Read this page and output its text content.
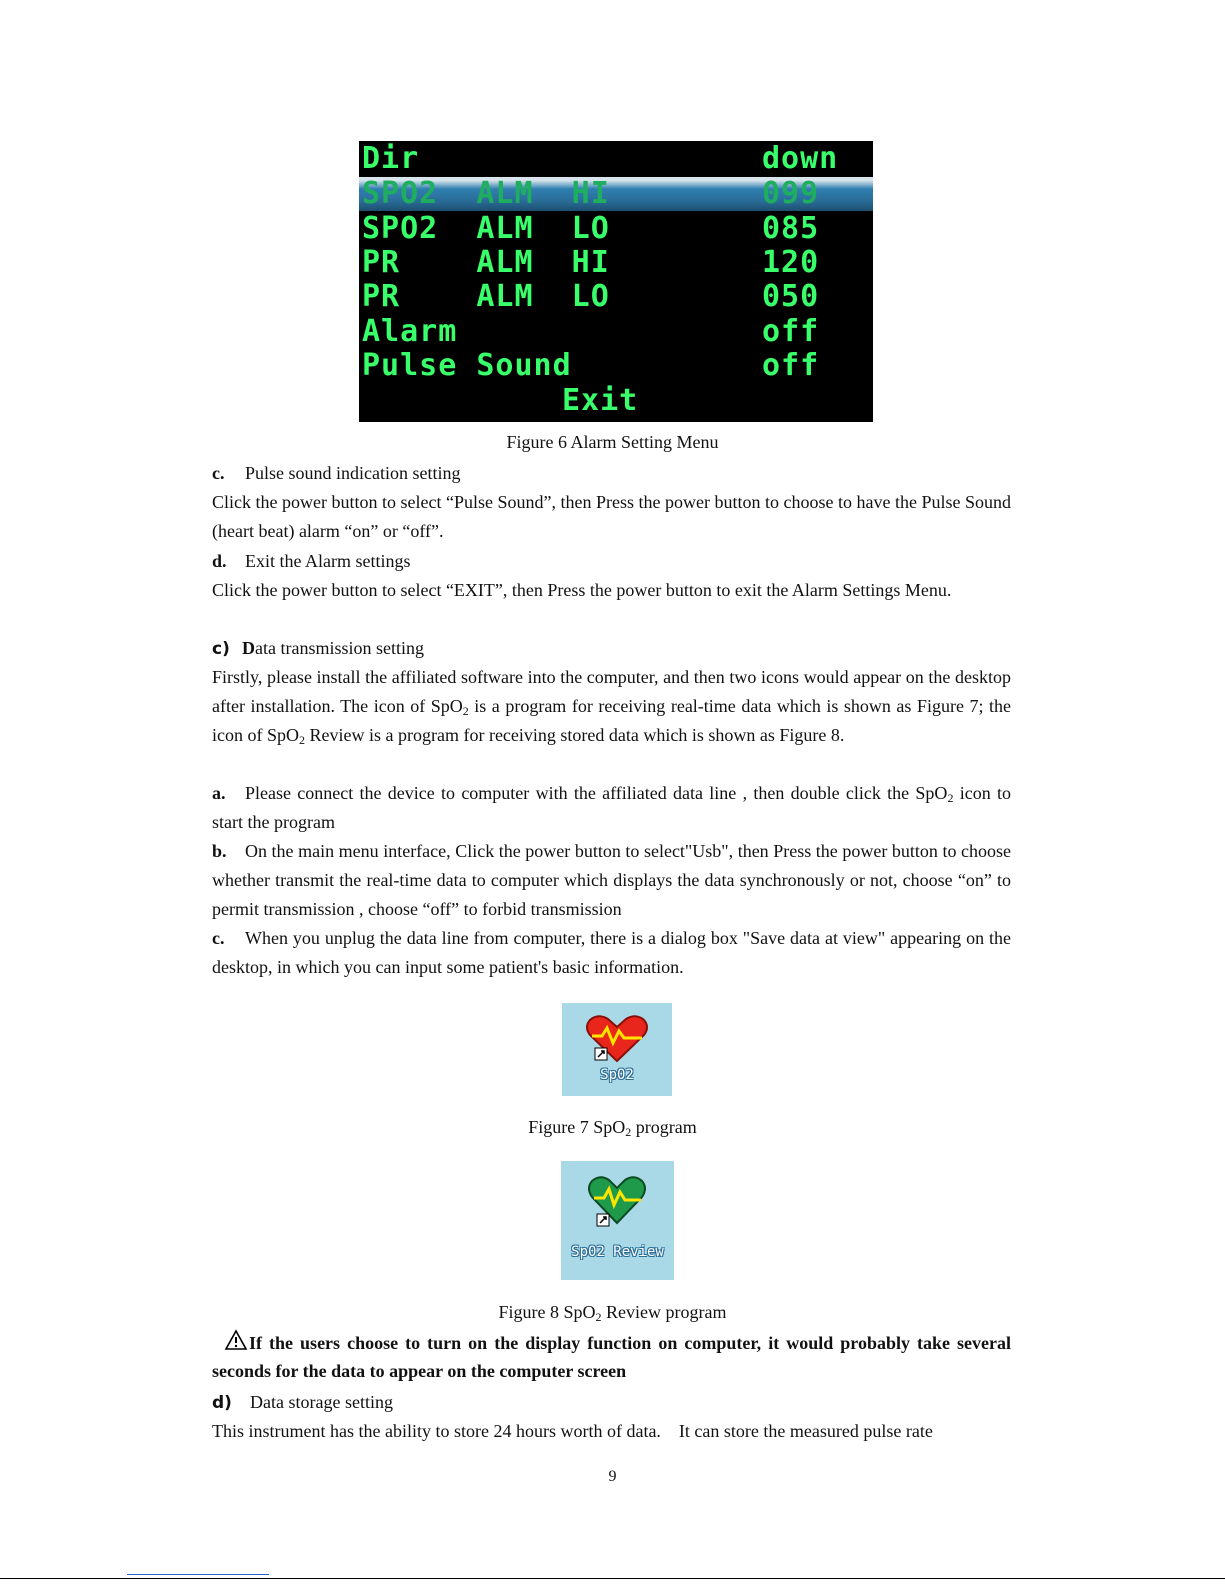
Dir	down
SPO2  ALM  HI	099
SPO2  ALM  LO	085
PR    ALM  HI	120
PR    ALM  LO	050
Alarm	off
Pulse Sound	off
Exit
Figure 6 Alarm Setting Menu
c. Pulse sound indication setting

Click the power button to select “Pulse Sound”, then Press the power button to choose to have the Pulse Sound (heart beat) alarm “on” or “off”.

d. Exit the Alarm settings

Click the power button to select “EXIT”, then Press the power button to exit the Alarm Settings Menu.

c) Data transmission setting

Firstly, please install the affiliated software into the computer, and then two icons would appear on the desktop after installation. The icon of SpO$_2$ is a program for receiving real-time data which is shown as Figure 7; the icon of SpO$_2$ Review is a program for receiving stored data which is shown as Figure 8.

a. Please connect the device to computer with the affiliated data line , then double click the SpO$_2$ icon to start the program

b. On the main menu interface, Click the power button to select"Usb", then Press the power button to choose whether transmit the real-time data to computer which displays the data synchronously or not, choose “on” to permit transmission , choose “off” to forbid transmission

c. When you unplug the data line from computer, there is a dialog box "Save data at view" appearing on the desktop, in which you can input some patient's basic information.

Sp02
Figure 7 SpO$_2$ program
Sp02 Review
Figure 8 SpO$_2$ Review program

If the users choose to turn on the display function on computer, it would probably take several seconds for the data to appear on the computer screen

d) Data storage setting

This instrument has the ability to store 24 hours worth of data.    It can store the measured pulse rate

9
